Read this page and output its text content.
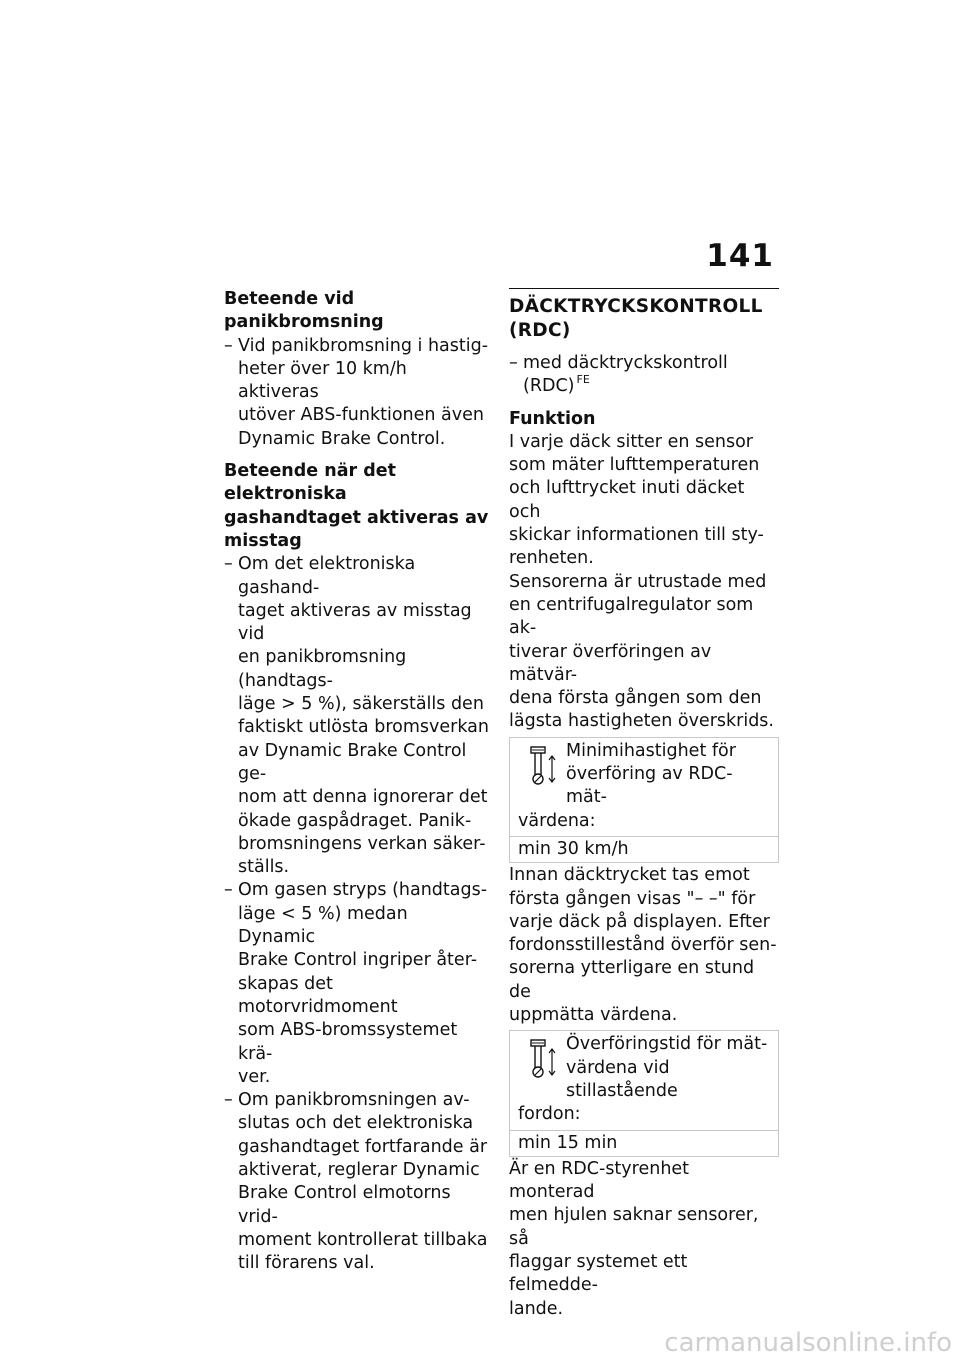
141
Beteende vid panikbromsning
– Vid panikbromsning i hastig-
heter över 10 km/h aktiveras
utöver ABS-funktionen även
Dynamic Brake Control.
Beteende när det elektroniska
gashandtaget aktiveras av
misstag
– Om det elektroniska gashand-
taget aktiveras av misstag vid
en panikbromsning (handtags-
läge > 5 %), säkerställs den
faktiskt utlösta bromsverkan
av Dynamic Brake Control ge-
nom att denna ignorerar det
ökade gaspådraget. Panik-
bromsningens verkan säker-
ställs.
– Om gasen stryps (handtags-
läge < 5 %) medan Dynamic
Brake Control ingriper åter-
skapas det motorvridmoment
som ABS-bromssystemet krä-
ver.
– Om panikbromsningen av-
slutas och det elektroniska
gashandtaget fortfarande är
aktiverat, reglerar Dynamic
Brake Control elmotorns vrid-
moment kontrollerat tillbaka
till förarens val.
DÄCKTRYCKSKONTROLL
(RDC)
– med däcktryckskontroll
(RDC) $^{FE}$
Funktion
I varje däck sitter en sensor
som mäter lufttemperaturen
och lufttrycket inuti däcket och
skickar informationen till sty-
renheten.
Sensorerna är utrustade med
en centrifugalregulator som ak-
tiverar överföringen av mätvär-
dena första gången som den
lägsta hastigheten överskrids.
Minimihastighet för
överföring av RDC-mät-
värdena:
min 30 km/h
Innan däcktrycket tas emot
första gången visas "– –" för
varje däck på displayen. Efter
fordonsstillestånd överför sen-
sorerna ytterligare en stund de
uppmätta värdena.
Överföringstid för mät-
värdena vid stillastående
fordon:
min 15 min
Är en RDC-styrenhet monterad
men hjulen saknar sensorer, så
flaggar systemet ett felmedde-
lande.
carmanualsonline.info
